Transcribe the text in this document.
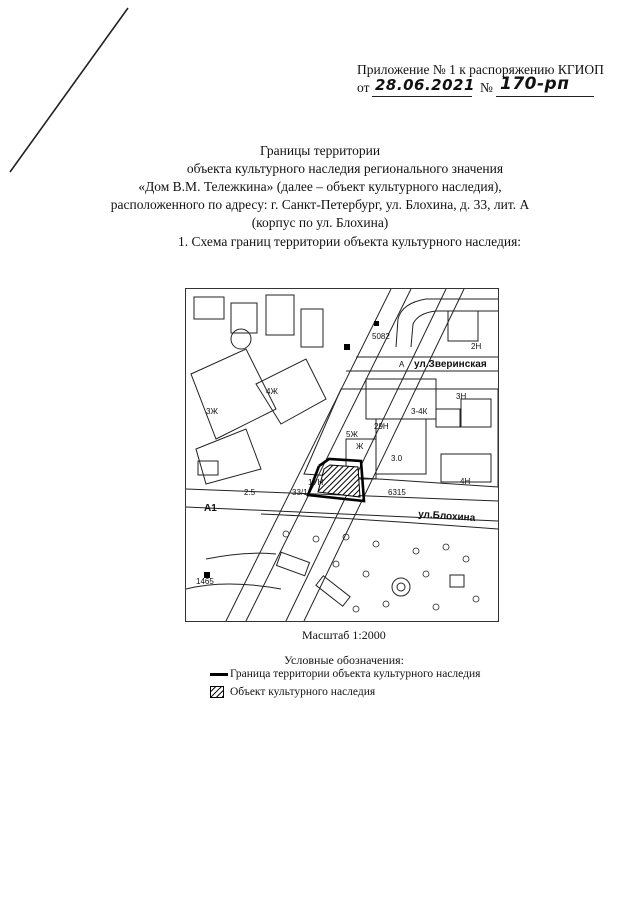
Приложение № 1 к распоряжению КГИОП
от 28.06.2021 № 170-рп
Границы территории
объекта культурного наследия регионального значения
«Дом В.М. Тележкина» (далее – объект культурного наследия),
расположенного по адресу: г. Санкт-Петербург, ул. Блохина, д. 33, лит. А
(корпус по ул. Блохина)
1. Схема границ территории объекта культурного наследия:
ул.Зверинская
ул.Блохина
А
3-4К
29Н
5Ж
1УН
33/1
3Н
4Н
А1
5082
6315
1465
2.5
3.0
Ж
2Н
3Ж
4Ж
Масштаб 1:2000
Условные обозначения:
Граница территории объекта культурного наследия
Объект культурного наследия
